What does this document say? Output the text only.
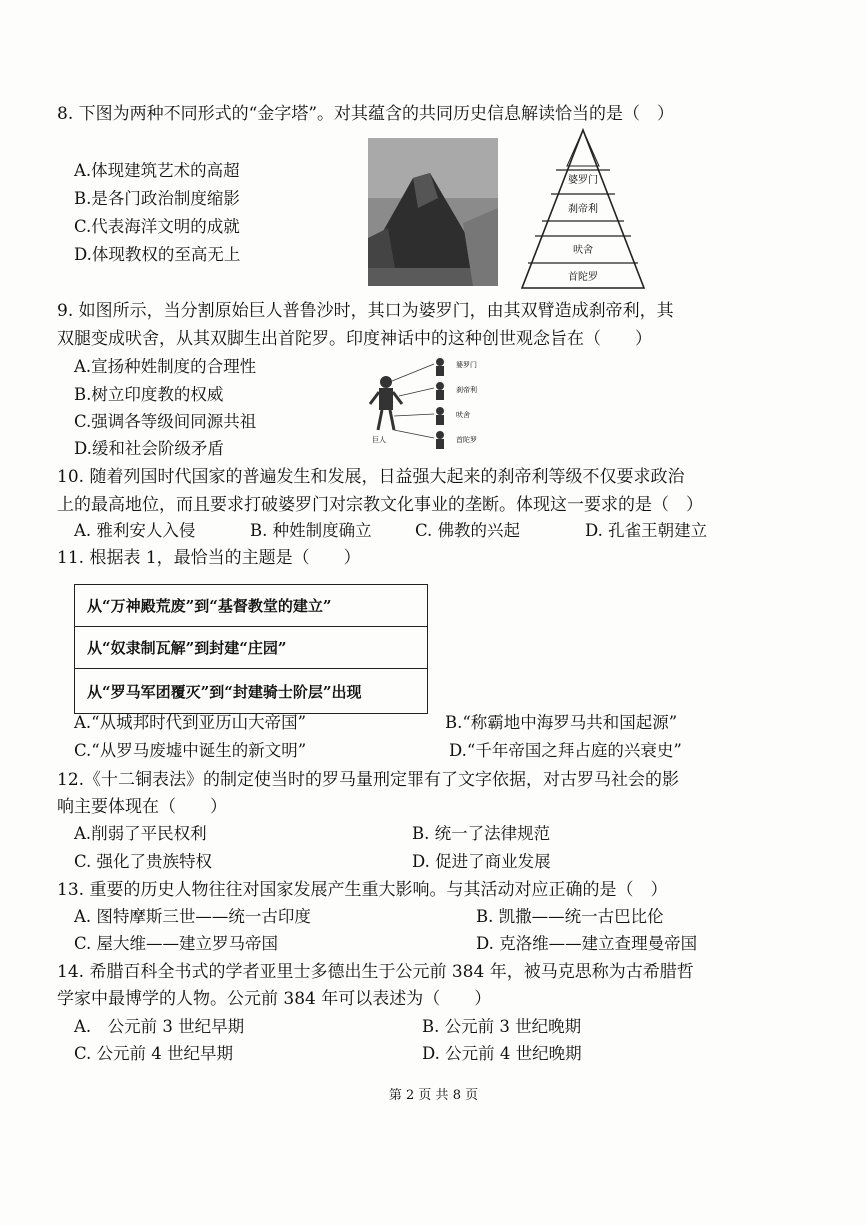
8. 下图为两种不同形式的“金字塔”。对其蕴含的共同历史信息解读恰当的是（　）
A.体现建筑艺术的高超
B.是各门政治制度缩影
C.代表海洋文明的成就
D.体现教权的至高无上
婆罗门
刹帝利
吠舍
首陀罗
9. 如图所示，当分割原始巨人普鲁沙时，其口为婆罗门，由其双臂造成刹帝利，其
双腿变成吠舍，从其双脚生出首陀罗。印度神话中的这种创世观念旨在（　　）
A.宣扬种姓制度的合理性
B.树立印度教的权威
C.强调各等级间同源共祖
D.缓和社会阶级矛盾
婆罗门
刹帝利
吠舍
首陀罗
巨人
10. 随着列国时代国家的普遍发生和发展，日益强大起来的刹帝利等级不仅要求政治
上的最高地位，而且要求打破婆罗门对宗教文化事业的垄断。体现这一要求的是（　）
A. 雅利安人入侵	B. 种姓制度确立	C. 佛教的兴起	D. 孔雀王朝建立
11. 根据表 1，最恰当的主题是（　　）
从“万神殿荒废”到“基督教堂的建立”
从“奴隶制瓦解”到封建“庄园”
从“罗马军团覆灭”到“封建骑士阶层”出现
A.“从城邦时代到亚历山大帝国”	B.“称霸地中海罗马共和国起源”
C.“从罗马废墟中诞生的新文明”	D.“千年帝国之拜占庭的兴衰史”
12.《十二铜表法》的制定使当时的罗马量刑定罪有了文字依据，对古罗马社会的影
响主要体现在（　　）
A.削弱了平民权利	B. 统一了法律规范
C. 强化了贵族特权	D. 促进了商业发展
13. 重要的历史人物往往对国家发展产生重大影响。与其活动对应正确的是（　）
A. 图特摩斯三世——统一古印度	B. 凯撒——统一古巴比伦
C. 屋大维——建立罗马帝国	D. 克洛维——建立查理曼帝国
14. 希腊百科全书式的学者亚里士多德出生于公元前 384 年，被马克思称为古希腊哲
学家中最博学的人物。公元前 384 年可以表述为（　　）
A.　公元前 3 世纪早期	B. 公元前 3 世纪晚期
C. 公元前 4 世纪早期	D. 公元前 4 世纪晚期
第 2 页 共 8 页
